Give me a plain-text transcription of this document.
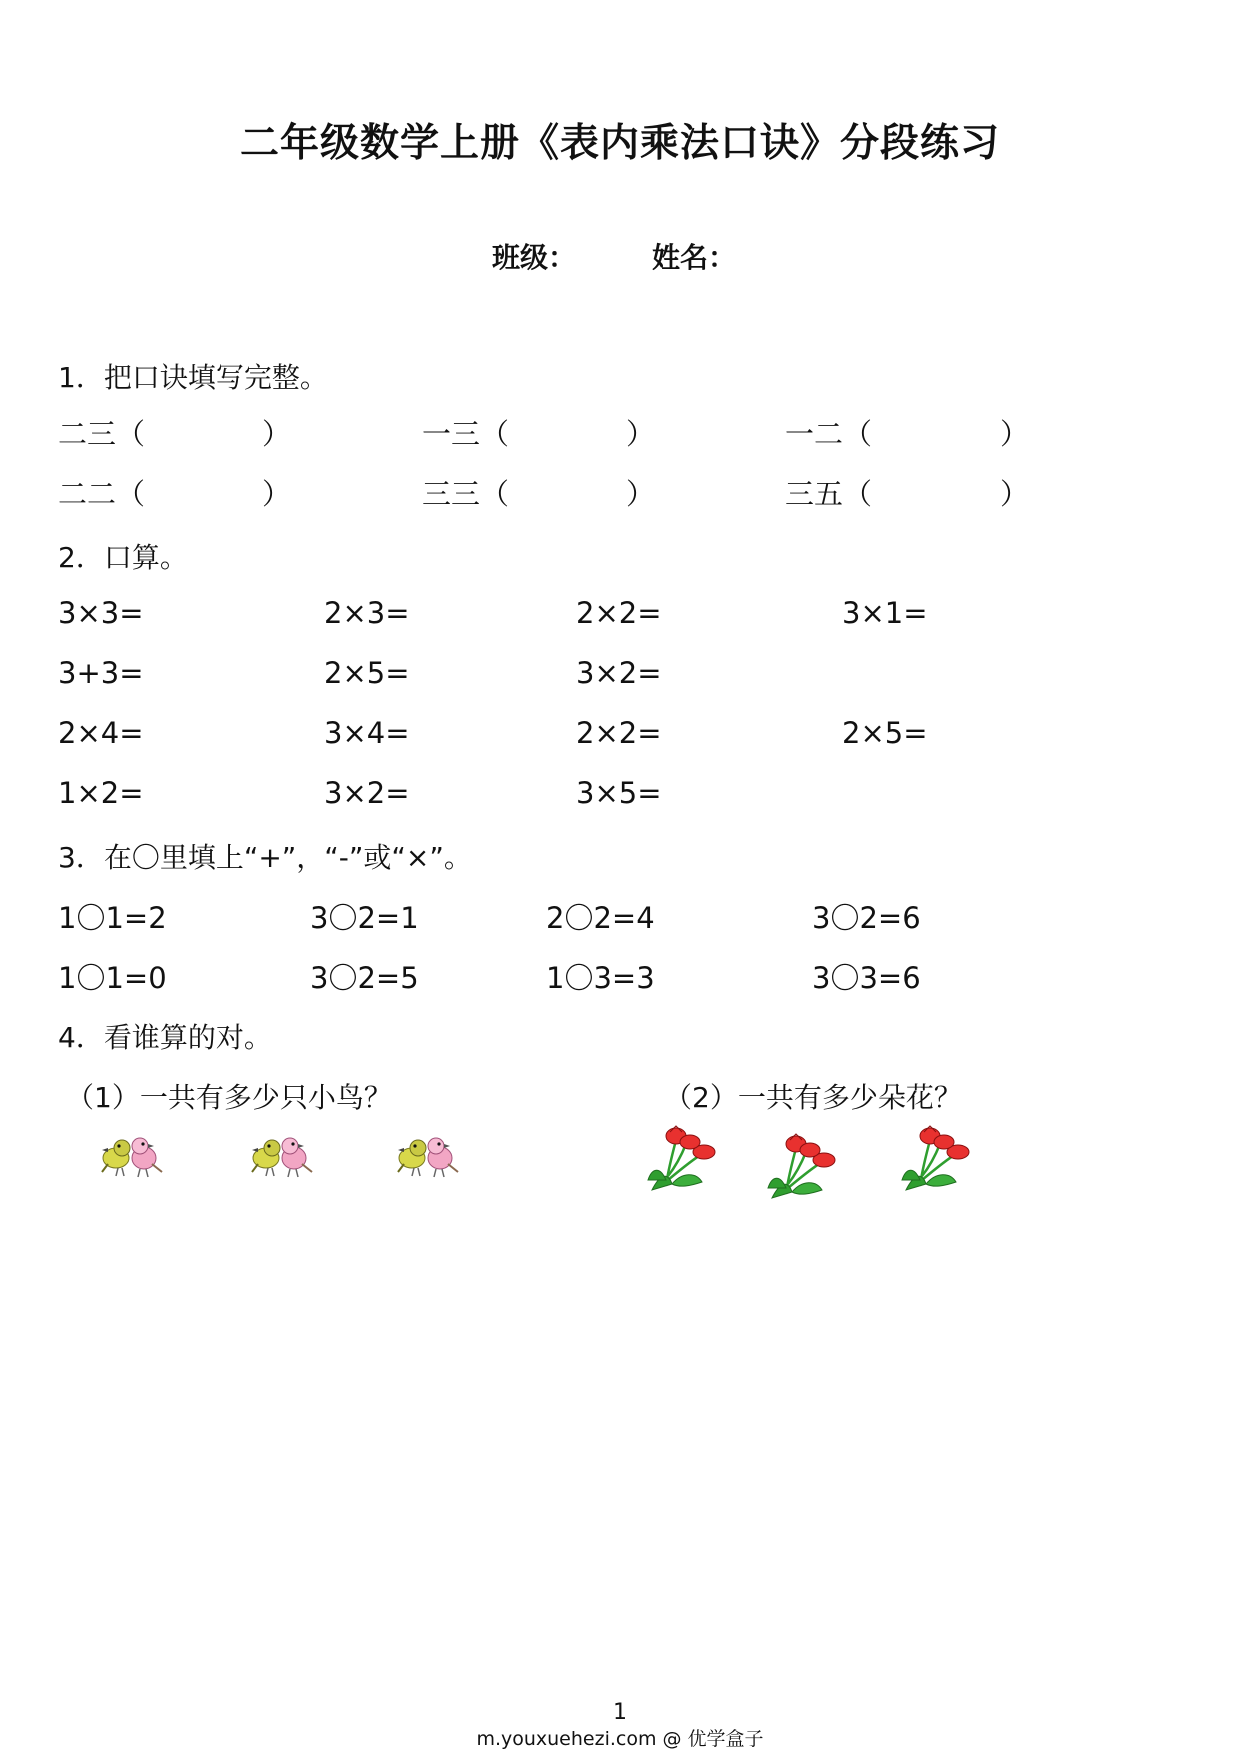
二年级数学上册《表内乘法口诀》分段练习
班级：	姓名：
1．把口诀填写完整。
二三（	）	一三（	）	一二（	）
二二（	）	三三（	）	三五（	）
2．口算。
3×3=	2×3=	2×2=	3×1=
3+3=	2×5=	3×2=
2×4=	3×4=	2×2=	2×5=
1×2=	3×2=	3×5=
3．在〇里填上“+”，“-”或“×”。
1〇1=2	3〇2=1	2〇2=4	3〇2=6
1〇1=0	3〇2=5	1〇3=3	3〇3=6
4．看谁算的对。
（1）一共有多少只小鸟？	（2）一共有多少朵花？
1
m.youxuehezi.com @ 优学盒子
